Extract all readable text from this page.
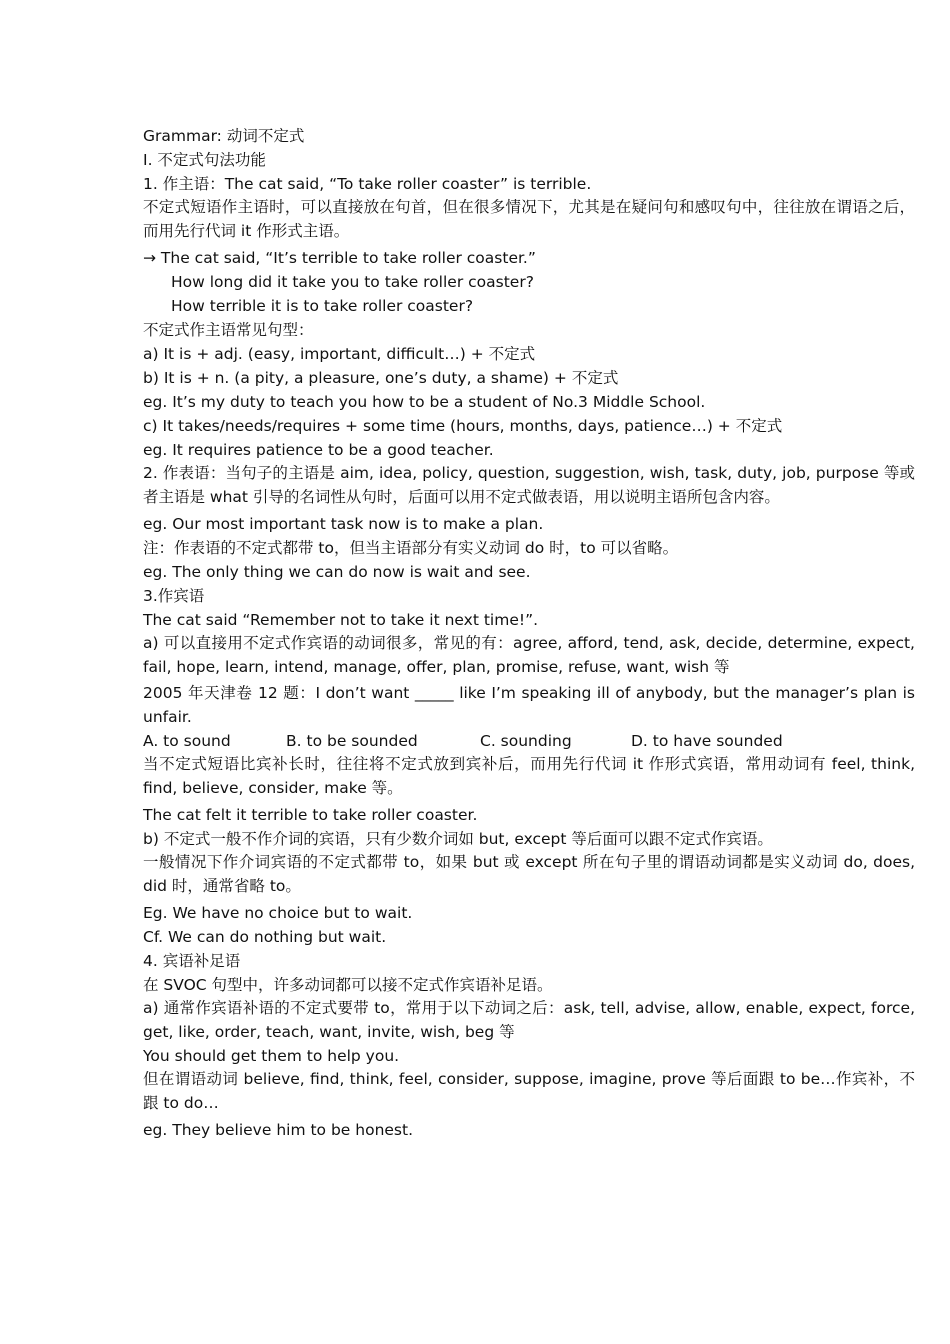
Grammar: 动词不定式
Ⅰ. 不定式句法功能
1. 作主语：The cat said, “To take roller coaster” is terrible.
不定式短语作主语时，可以直接放在句首，但在很多情况下，尤其是在疑问句和感叹句中，往往放在谓语之后，而用先行代词 it 作形式主语。
→ The cat said, “It’s terrible to take roller coaster.”
How long did it take you to take roller coaster?
How terrible it is to take roller coaster?
不定式作主语常见句型：
a) It is + adj. (easy, important, difficult…) + 不定式
b) It is + n. (a pity, a pleasure, one’s duty, a shame) + 不定式
eg. It’s my duty to teach you how to be a student of No.3 Middle School.
c) It takes/needs/requires + some time (hours, months, days, patience…) + 不定式
eg. It requires patience to be a good teacher.
2. 作表语：当句子的主语是 aim, idea, policy, question, suggestion, wish, task, duty, job, purpose 等或者主语是 what 引导的名词性从句时，后面可以用不定式做表语，用以说明主语所包含内容。
eg. Our most important task now is to make a plan.
注：作表语的不定式都带 to，但当主语部分有实义动词 do 时，to 可以省略。
eg. The only thing we can do now is wait and see.
3.作宾语
The cat said “Remember not to take it next time!”.
a) 可以直接用不定式作宾语的动词很多，常见的有：agree, afford, tend, ask, decide, determine, expect, fail, hope, learn, intend, manage, offer, plan, promise, refuse, want, wish 等
2005 年天津卷 12 题：I don’t want _____ like I’m speaking ill of anybody, but the manager’s plan is unfair.
A. to sound	B. to be sounded	C. sounding	D. to have sounded
当不定式短语比宾补长时，往往将不定式放到宾补后，而用先行代词 it 作形式宾语，常用动词有 feel, think, find, believe, consider, make 等。
The cat felt it terrible to take roller coaster.
b) 不定式一般不作介词的宾语，只有少数介词如 but, except 等后面可以跟不定式作宾语。
一般情况下作介词宾语的不定式都带 to，如果 but 或 except 所在句子里的谓语动词都是实义动词 do, does, did 时，通常省略 to。
Eg. We have no choice but to wait.
Cf. We can do nothing but wait.
4. 宾语补足语
在 SVOC 句型中，许多动词都可以接不定式作宾语补足语。
a) 通常作宾语补语的不定式要带 to，常用于以下动词之后：ask, tell, advise, allow, enable, expect, force, get, like, order, teach, want, invite, wish, beg 等
You should get them to help you.
但在谓语动词 believe, find, think, feel, consider, suppose, imagine, prove 等后面跟 to be…作宾补，不跟 to do…
eg. They believe him to be honest.
